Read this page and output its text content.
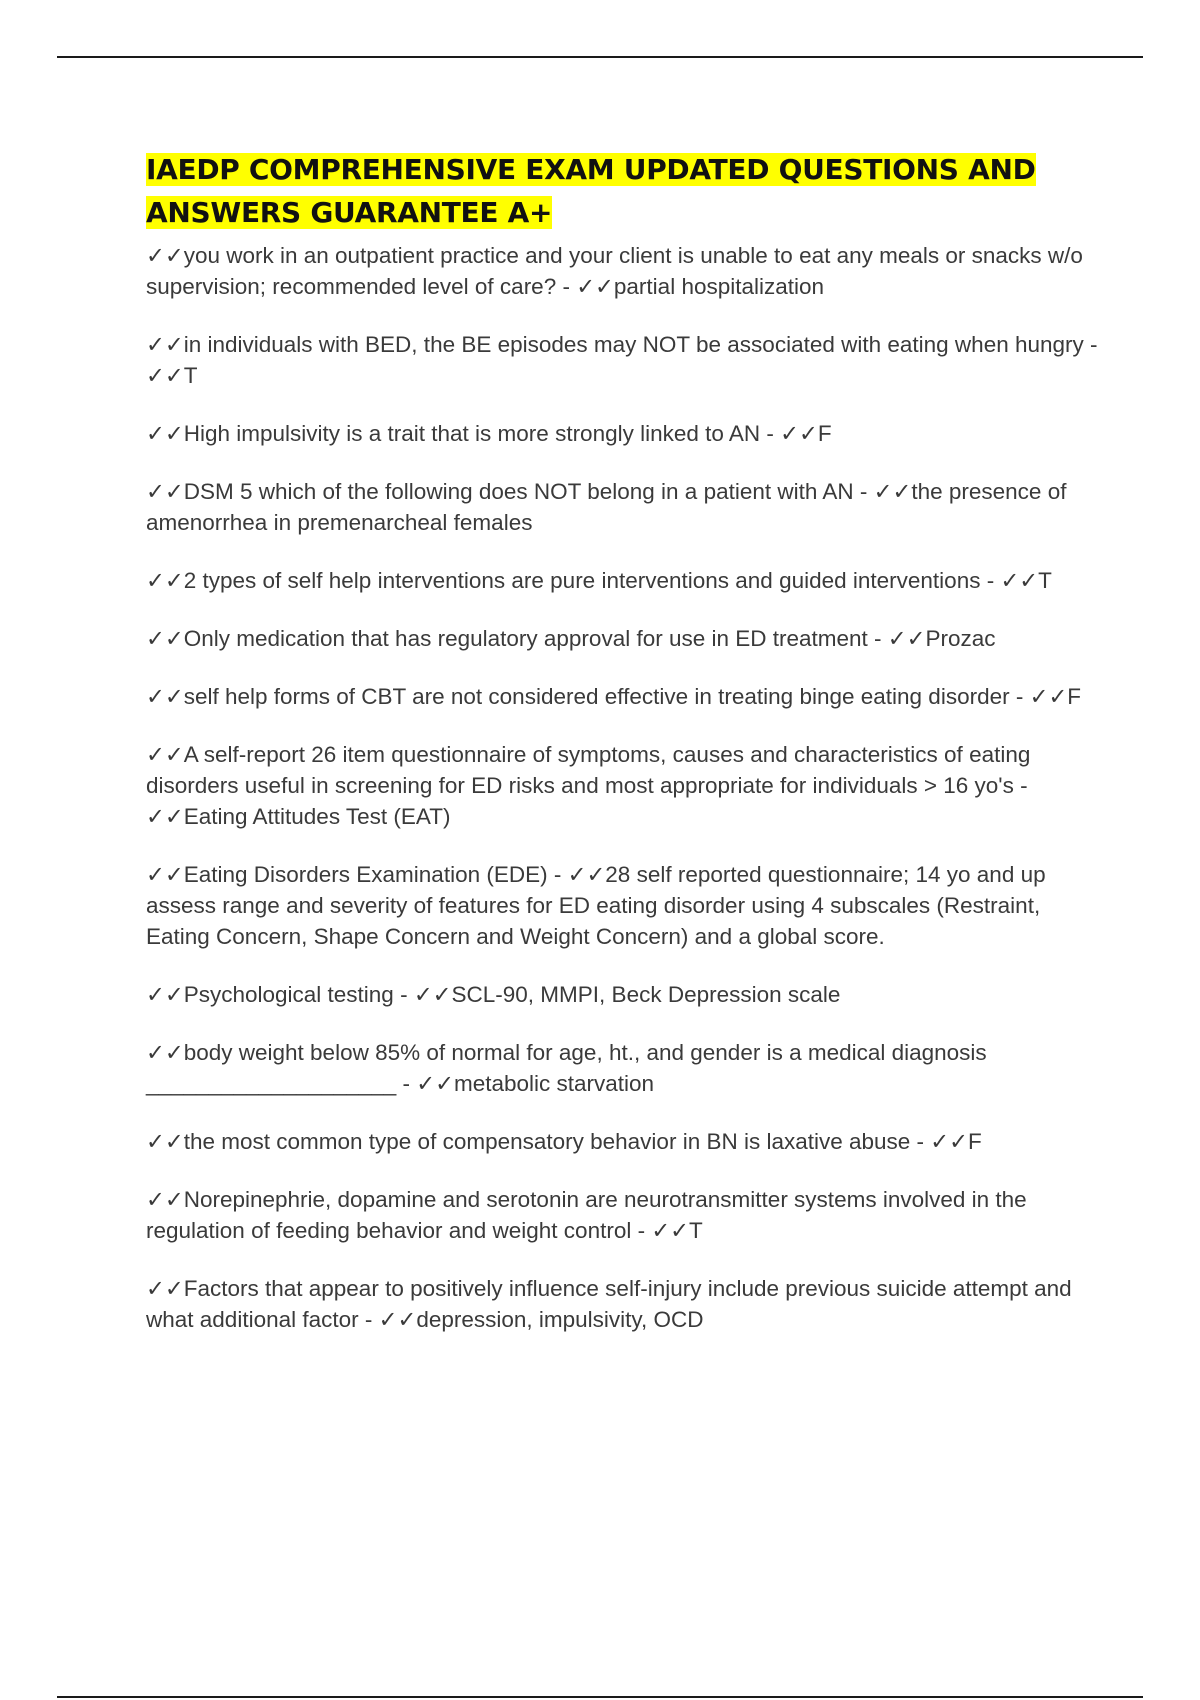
IAEDP COMPREHENSIVE EXAM UPDATED QUESTIONS AND ANSWERS GUARANTEE A+
✓✓you work in an outpatient practice and your client is unable to eat any meals or snacks w/o supervision; recommended level of care? - ✓✓partial hospitalization
✓✓in individuals with BED, the BE episodes may NOT be associated with eating when hungry - ✓✓T
✓✓High impulsivity is a trait that is more strongly linked to AN - ✓✓F
✓✓DSM 5 which of the following does NOT belong in a patient with AN - ✓✓the presence of amenorrhea in premenarcheal females
✓✓2 types of self help interventions are pure interventions and guided interventions - ✓✓T
✓✓Only medication that has regulatory approval for use in ED treatment - ✓✓Prozac
✓✓self help forms of CBT are not considered effective in treating binge eating disorder - ✓✓F
✓✓A self-report 26 item questionnaire of symptoms, causes and characteristics of eating disorders useful in screening for ED risks and most appropriate for individuals > 16 yo's - ✓✓Eating Attitudes Test (EAT)
✓✓Eating Disorders Examination (EDE) - ✓✓28 self reported questionnaire; 14 yo and up assess range and severity of features for ED eating disorder using 4 subscales (Restraint, Eating Concern, Shape Concern and Weight Concern) and a global score.
✓✓Psychological testing - ✓✓SCL-90, MMPI, Beck Depression scale
✓✓body weight below 85% of normal for age, ht., and gender is a medical diagnosis ____________________ - ✓✓metabolic starvation
✓✓the most common type of compensatory behavior in BN is laxative abuse - ✓✓F
✓✓Norepinephrie, dopamine and serotonin are neurotransmitter systems involved in the regulation of feeding behavior and weight control - ✓✓T
✓✓Factors that appear to positively influence self-injury include previous suicide attempt and what additional factor - ✓✓depression, impulsivity, OCD
